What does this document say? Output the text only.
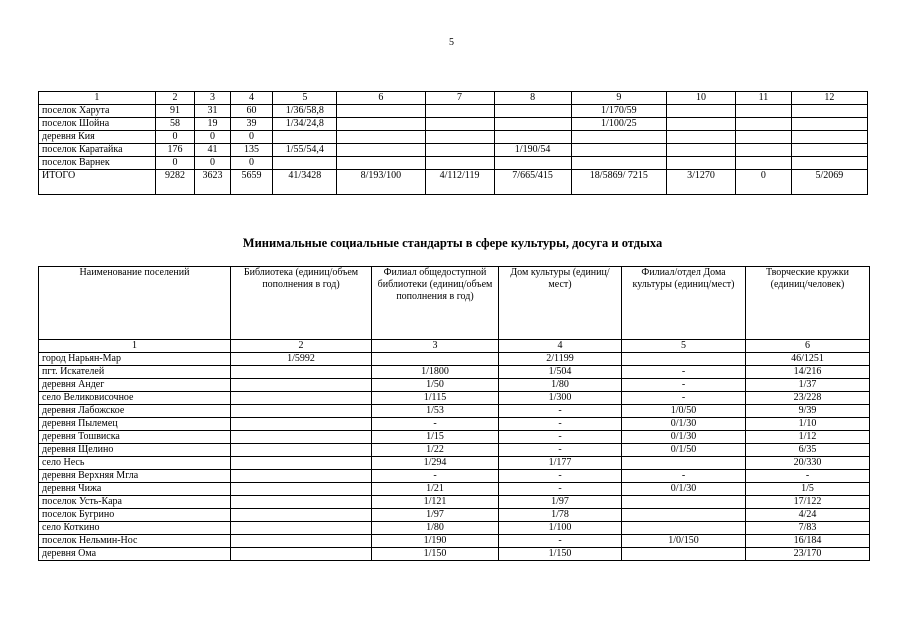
5
1	2	3	4	5	6	7	8	9	10	11	12
поселок Харута	91	31	60	1/36/58,8				1/170/59			
поселок Шойна	58	19	39	1/34/24,8				1/100/25			
деревня Кия	0	0	0								
поселок Каратайка	176	41	135	1/55/54,4			1/190/54				
поселок Варнек	0	0	0								
ИТОГО	9282	3623	5659	41/3428	8/193/100	4/112/119	7/665/415	18/5869/ 7215	3/1270	0	5/2069
Минимальные социальные стандарты в сфере культуры, досуга и отдыха
Наименование поселений	Библиотека (единиц/объем пополнения в год)	Филиал общедоступной библиотеки (единиц/объем пополнения в год)	Дом культуры (единиц/мест)	Филиал/отдел Дома культуры (единиц/мест)	Творческие кружки (единиц/человек)
1	2	3	4	5	6
город Нарьян-Мар	1/5992		2/1199		46/1251
пгт. Искателей		1/1800	1/504	-	14/216
деревня Андег		1/50	1/80	-	1/37
село Великовисочное		1/115	1/300	-	23/228
деревня Лабожское		1/53	-	1/0/50	9/39
деревня Пылемец		-	-	0/1/30	1/10
деревня Тошвиска		1/15	-	0/1/30	1/12
деревня Щелино		1/22	-	0/1/50	6/35
село Несь		1/294	1/177		20/330
деревня Верхняя Мгла		-	-	-	-
деревня Чижа		1/21	-	0/1/30	1/5
поселок Усть-Кара		1/121	1/97		17/122
поселок Бугрино		1/97	1/78		4/24
село Коткино		1/80	1/100		7/83
поселок Нельмин-Нос		1/190	-	1/0/150	16/184
деревня Ома		1/150	1/150		23/170
